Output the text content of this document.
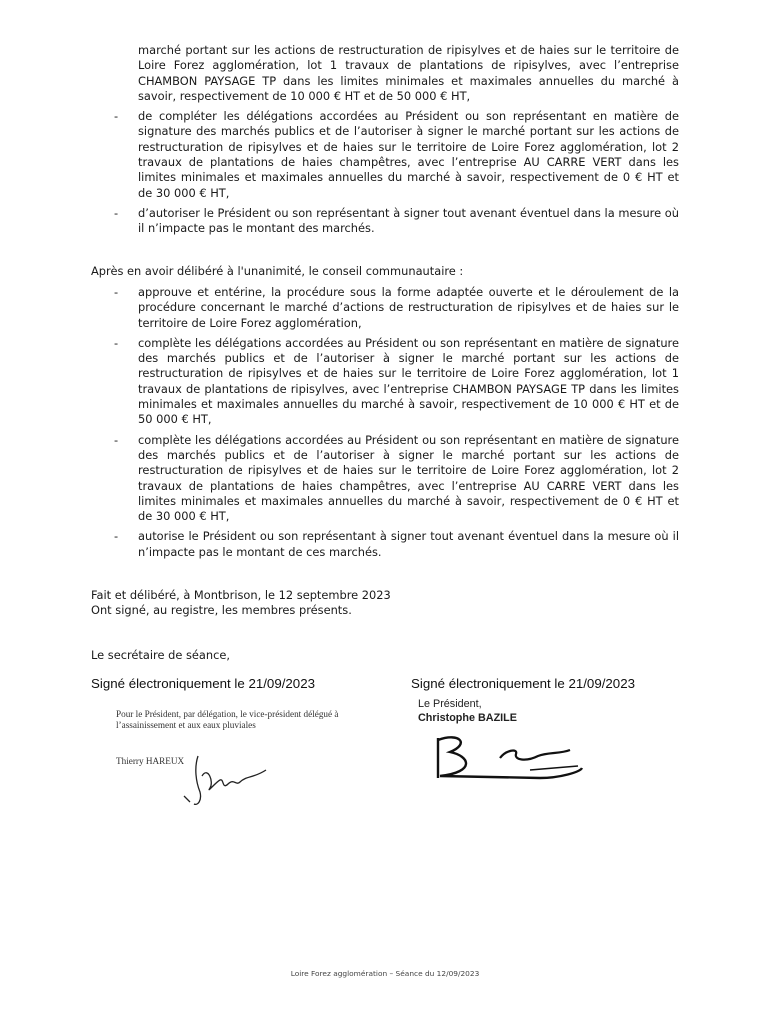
marché portant sur les actions de restructuration de ripisylves et de haies sur le territoire de Loire Forez agglomération, lot 1 travaux de plantations de ripisylves, avec l’entreprise CHAMBON PAYSAGE TP dans les limites minimales et maximales annuelles du marché à savoir, respectivement de 10 000 € HT et de 50 000 € HT,
-	de compléter les délégations accordées au Président ou son représentant en matière de signature des marchés publics et de l’autoriser à signer le marché portant sur les actions de restructuration de ripisylves et de haies sur le territoire de Loire Forez agglomération, lot 2 travaux de plantations de haies champêtres, avec l’entreprise AU CARRE VERT dans les limites minimales et maximales annuelles du marché à savoir, respectivement de 0 € HT et de 30 000 € HT,
-	d’autoriser le Président ou son représentant à signer tout avenant éventuel dans la mesure où il n’impacte pas le montant des marchés.
Après en avoir délibéré à l'unanimité, le conseil communautaire :
-	approuve et entérine, la procédure sous la forme adaptée ouverte et le déroulement de la procédure concernant le marché d’actions de restructuration de ripisylves et de haies sur le territoire de Loire Forez agglomération,
-	complète les délégations accordées au Président ou son représentant en matière de signature des marchés publics et de l’autoriser à signer le marché portant sur les actions de restructuration de ripisylves et de haies sur le territoire de Loire Forez agglomération, lot 1 travaux de plantations de ripisylves, avec l’entreprise CHAMBON PAYSAGE TP dans les limites minimales et maximales annuelles du marché à savoir, respectivement de 10 000 € HT et de 50 000 € HT,
-	complète les délégations accordées au Président ou son représentant en matière de signature des marchés publics et de l’autoriser à signer le marché portant sur les actions de restructuration de ripisylves et de haies sur le territoire de Loire Forez agglomération, lot 2 travaux de plantations de haies champêtres, avec l’entreprise AU CARRE VERT dans les limites minimales et maximales annuelles du marché à savoir, respectivement de 0 € HT et de 30 000 € HT,
-	autorise le Président ou son représentant à signer tout avenant éventuel dans la mesure où il n’impacte pas le montant de ces marchés.
Fait et délibéré, à Montbrison, le 12 septembre 2023
Ont signé, au registre, les membres présents.
Le secrétaire de séance,
Signé électroniquement le 21/09/2023	Signé électroniquement le 21/09/2023
Pour le Président, par délégation, le vice-président délégué à l’assainissement et aux eaux pluviales
Thierry HAREUX
Le Président,
Christophe BAZILE
Loire Forez agglomération – Séance du 12/09/2023
